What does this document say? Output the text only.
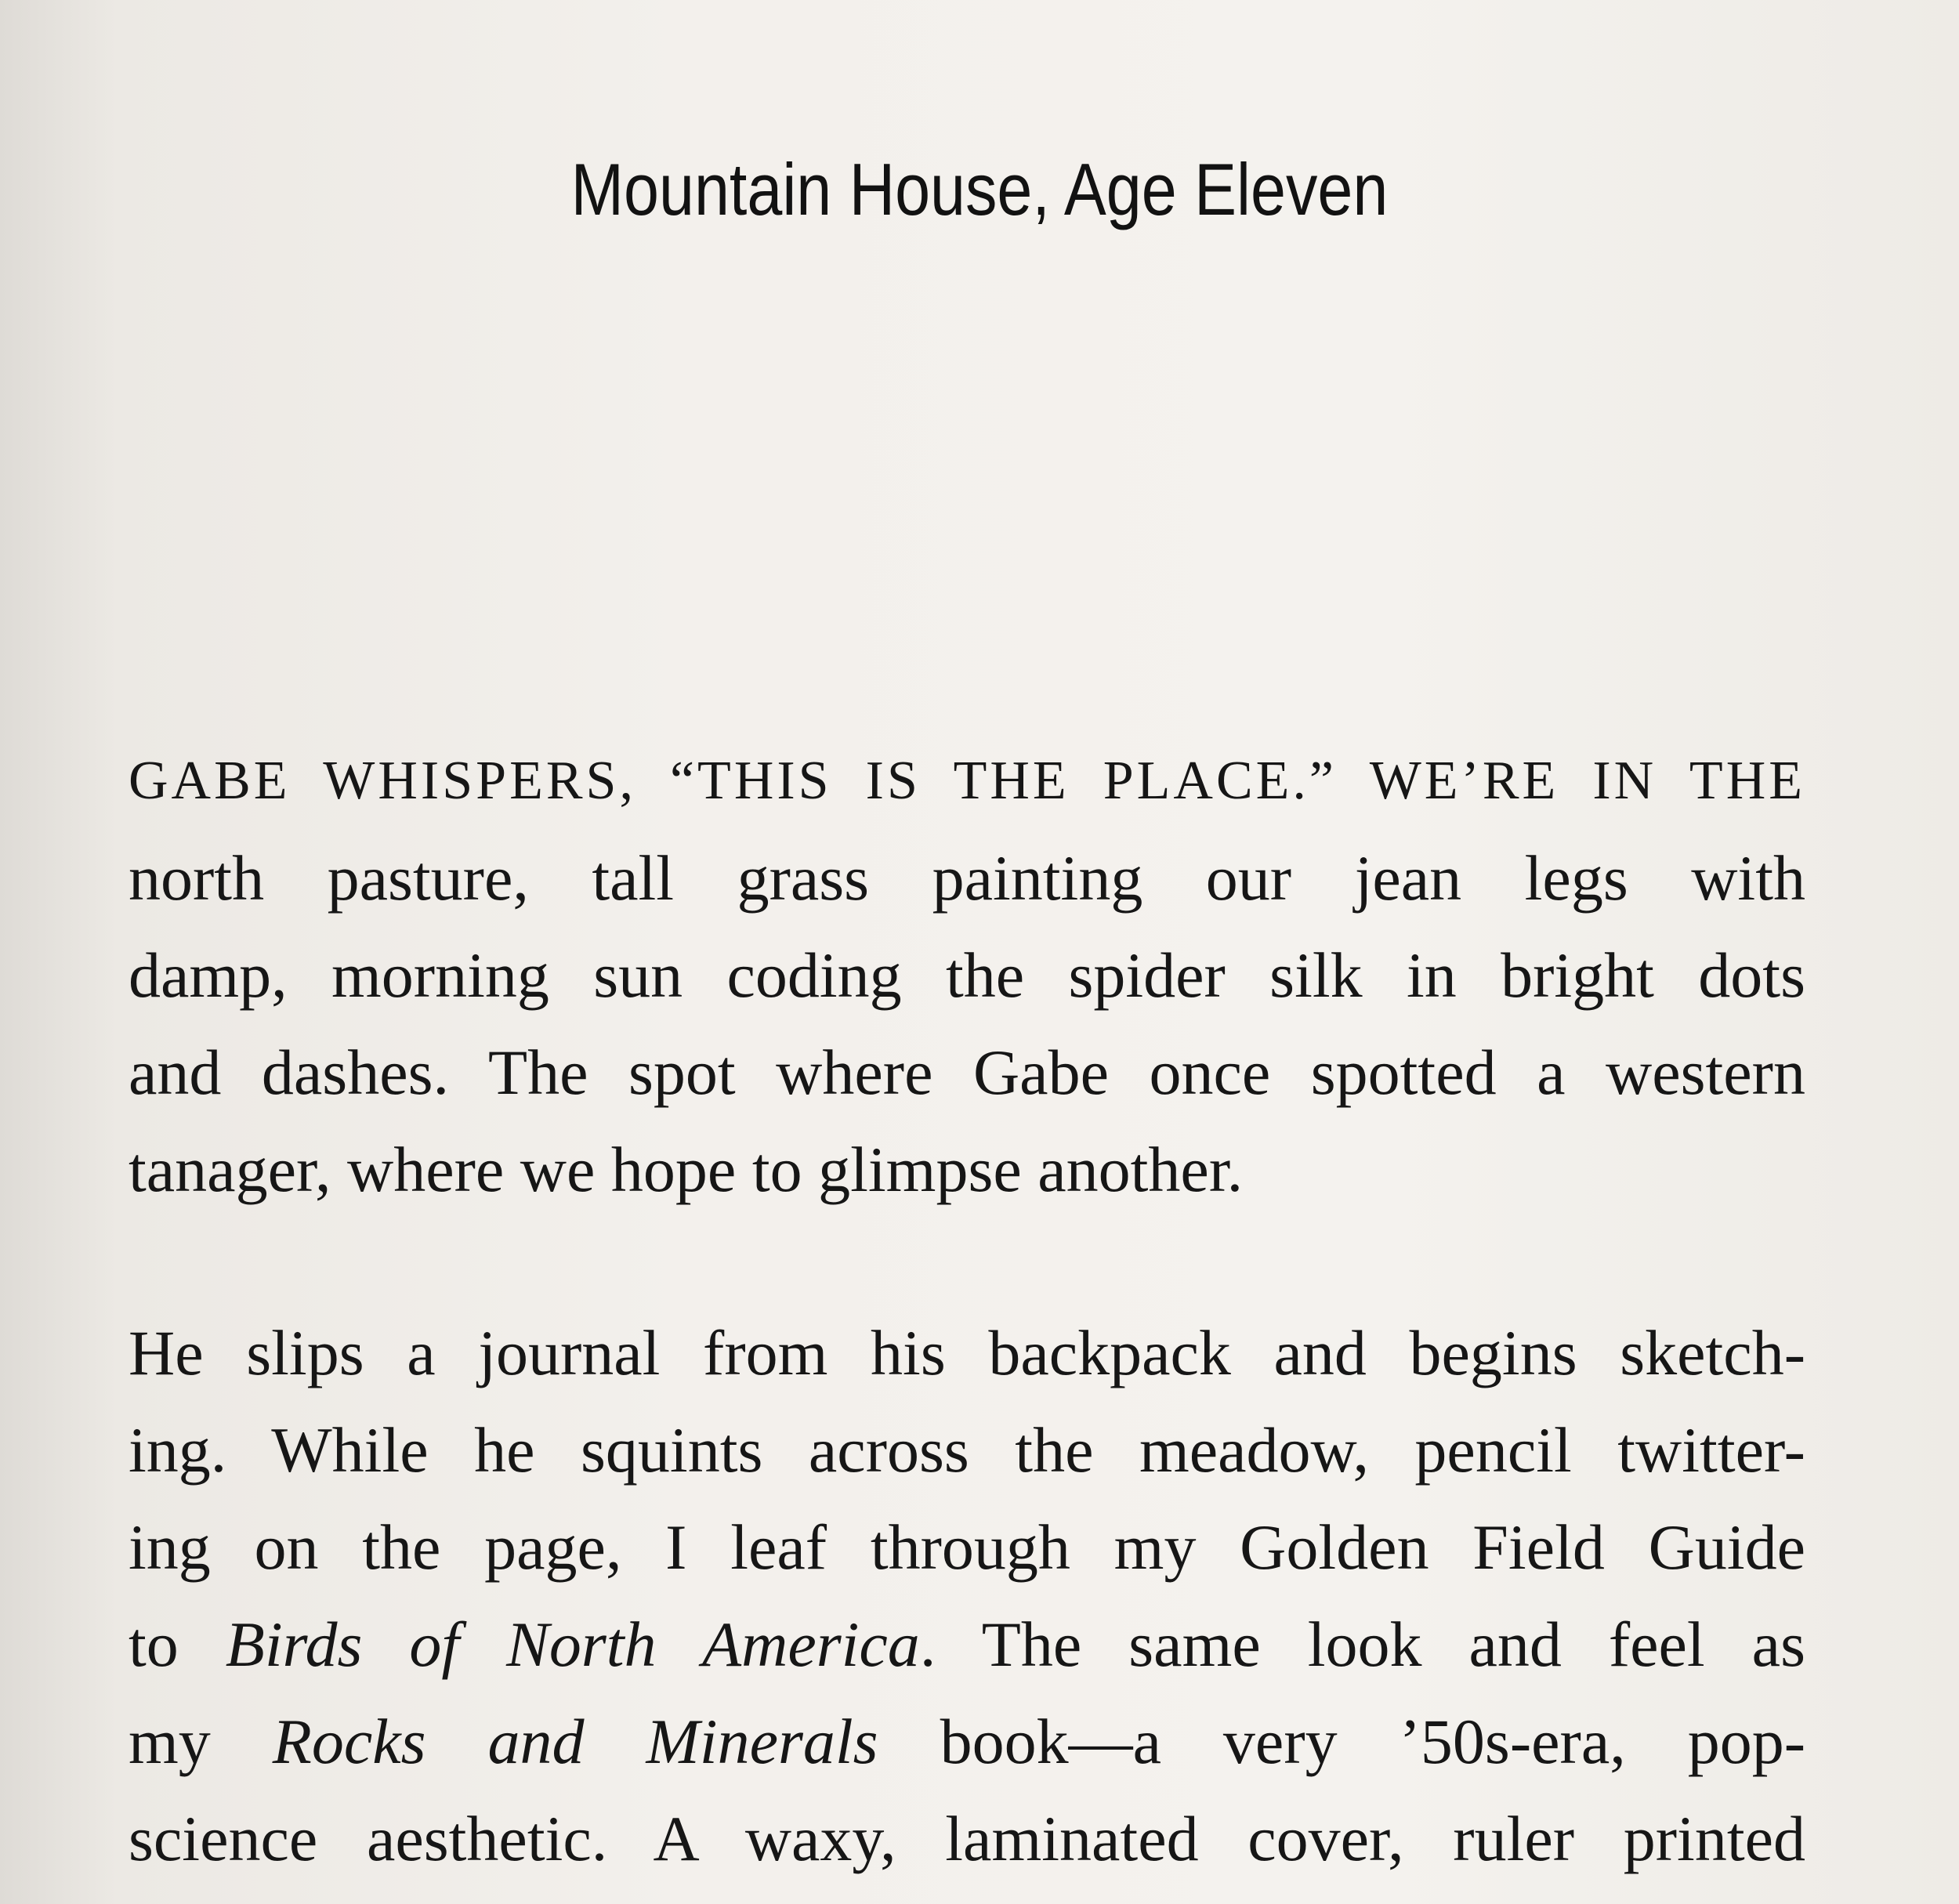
Mountain House, Age Eleven
GABE WHISPERS, “THIS IS THE PLACE.” WE’RE IN THE
north pasture, tall grass painting our jean legs with
damp, morning sun coding the spider silk in bright dots
and dashes. The spot where Gabe once spotted a western
tanager, where we hope to glimpse another.
He slips a journal from his backpack and begins sketch-
ing. While he squints across the meadow, pencil twitter-
ing on the page, I leaf through my Golden Field Guide
to Birds of North America. The same look and feel as
my Rocks and Minerals book—a very ’50s-era, pop-
science aesthetic. A waxy, laminated cover, ruler printed
